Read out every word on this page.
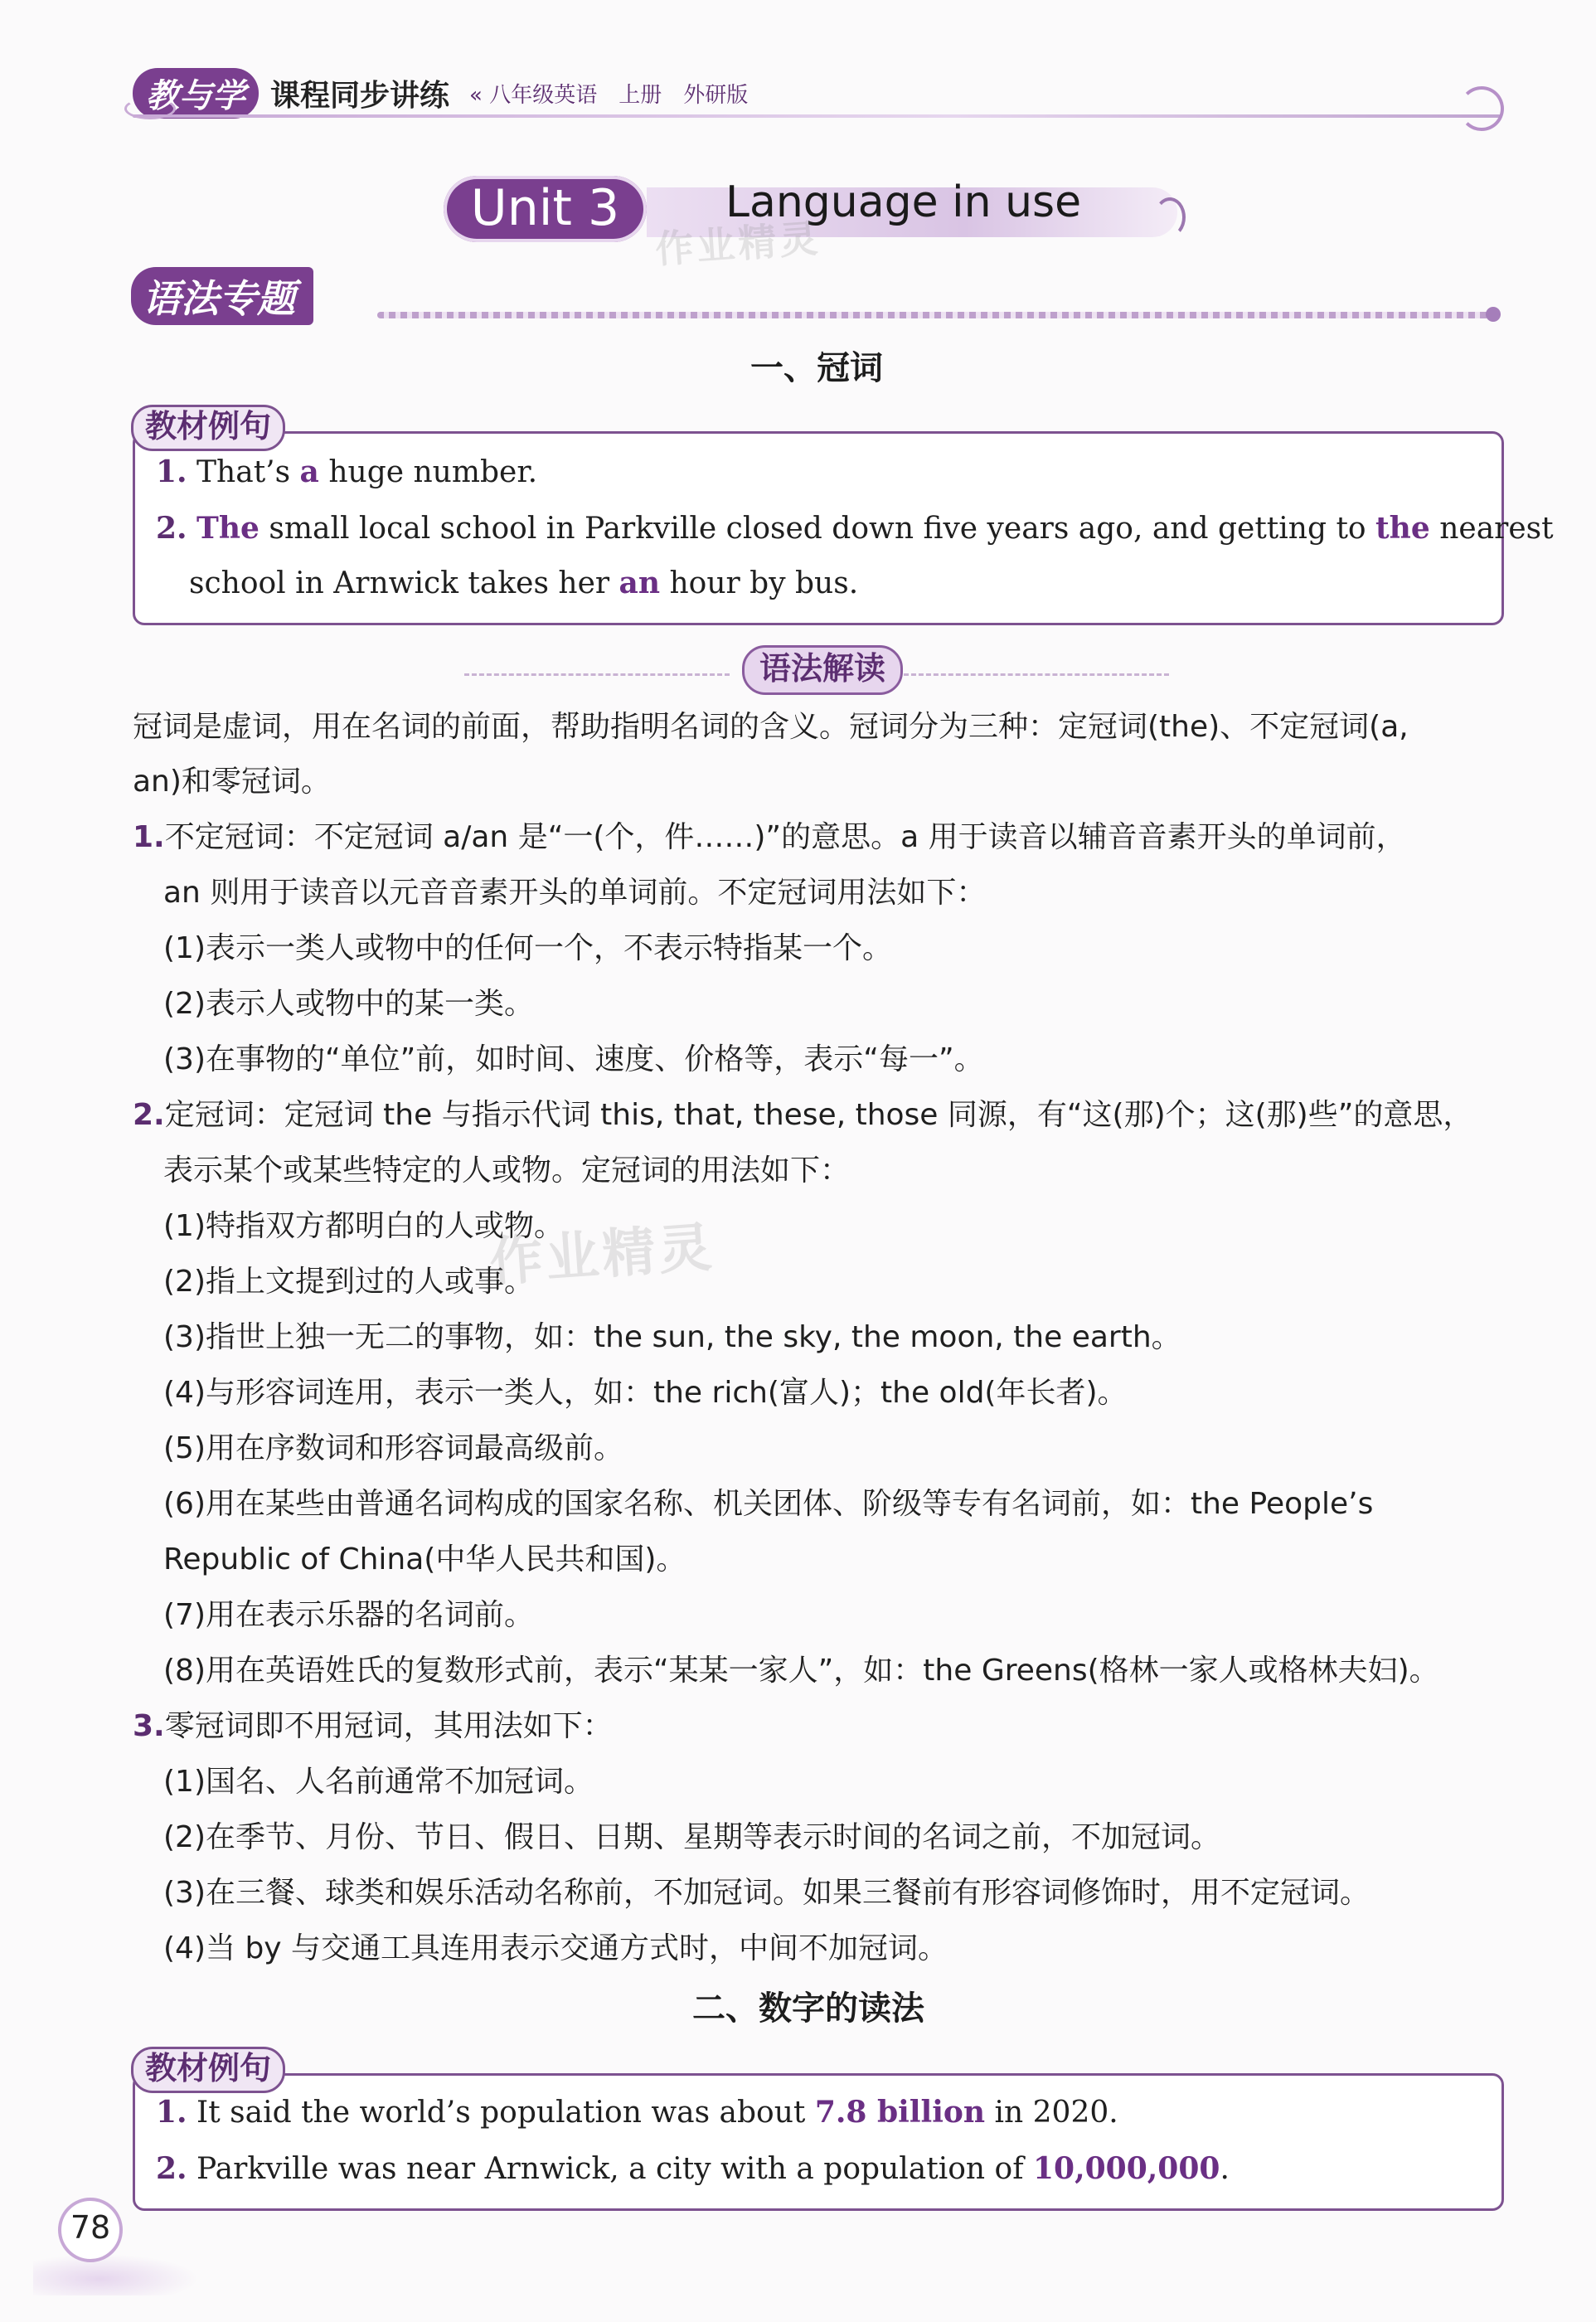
教与学 课程同步讲练 « 八年级英语　上册　外研版
Unit 3	Language in use
作业精灵
语法专题
一、冠词
教材例句
1. That’s a huge number.
2. The small local school in Parkville closed down five years ago, and getting to the nearest
school in Arnwick takes her an hour by bus.
语法解读
冠词是虚词，用在名词的前面，帮助指明名词的含义。冠词分为三种：定冠词(the)、不定冠词(a,
an)和零冠词。
1.不定冠词：不定冠词 a/an 是“一(个，件……)”的意思。a 用于读音以辅音音素开头的单词前，
an 则用于读音以元音音素开头的单词前。不定冠词用法如下：
(1)表示一类人或物中的任何一个，不表示特指某一个。
(2)表示人或物中的某一类。
(3)在事物的“单位”前，如时间、速度、价格等，表示“每一”。
2.定冠词：定冠词 the 与指示代词 this, that, these, those 同源，有“这(那)个；这(那)些”的意思，
表示某个或某些特定的人或物。定冠词的用法如下：
(1)特指双方都明白的人或物。
(2)指上文提到过的人或事。
作业精灵
(3)指世上独一无二的事物，如：the sun, the sky, the moon, the earth。
(4)与形容词连用，表示一类人，如：the rich(富人)；the old(年长者)。
(5)用在序数词和形容词最高级前。
(6)用在某些由普通名词构成的国家名称、机关团体、阶级等专有名词前，如：the People’s
Republic of China(中华人民共和国)。
(7)用在表示乐器的名词前。
(8)用在英语姓氏的复数形式前，表示“某某一家人”，如：the Greens(格林一家人或格林夫妇)。
3.零冠词即不用冠词，其用法如下：
(1)国名、人名前通常不加冠词。
(2)在季节、月份、节日、假日、日期、星期等表示时间的名词之前，不加冠词。
(3)在三餐、球类和娱乐活动名称前，不加冠词。如果三餐前有形容词修饰时，用不定冠词。
(4)当 by 与交通工具连用表示交通方式时，中间不加冠词。
二、数字的读法
教材例句
1. It said the world’s population was about 7.8 billion in 2020.
2. Parkville was near Arnwick, a city with a population of 10,000,000.
78
